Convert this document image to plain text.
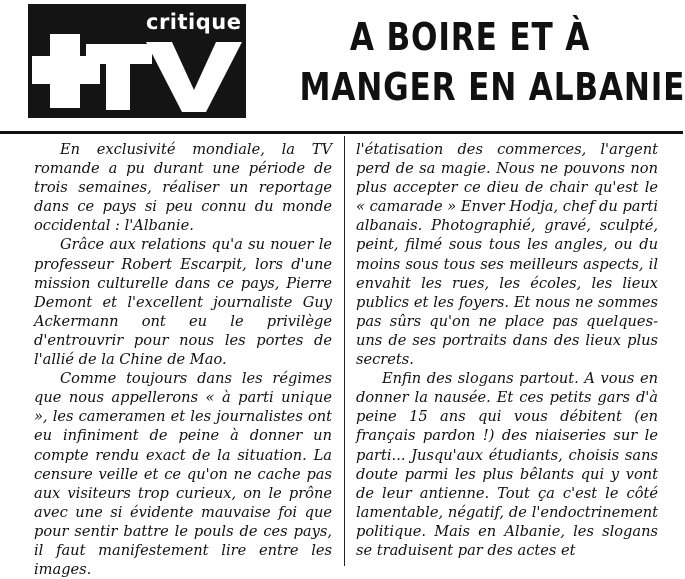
critique	A BOIRE ET À
MANGER EN ALBANIE

En exclusivité mondiale, la TV romande a pu durant une période de trois semaines, réaliser un reportage dans ce pays si peu connu du monde occidental : l'Albanie.

Grâce aux relations qu'a su nouer le professeur Robert Escarpit, lors d'une mission culturelle dans ce pays, Pierre Demont et l'excellent journaliste Guy Ackermann ont eu le privilège d'entrouvrir pour nous les portes de l'allié de la Chine de Mao.

Comme toujours dans les régimes que nous appellerons « à parti unique », les cameramen et les journalistes ont eu infiniment de peine à donner un compte rendu exact de la situation. La censure veille et ce qu'on ne cache pas aux visiteurs trop curieux, on le prône avec une si évidente mauvaise foi que pour sentir battre le pouls de ces pays, il faut manifestement lire entre les images.

l'étatisation des commerces, l'argent perd de sa magie. Nous ne pouvons non plus accepter ce dieu de chair qu'est le « camarade » Enver Hodja, chef du parti albanais. Photographié, gravé, sculpté, peint, filmé sous tous les angles, ou du moins sous tous ses meilleurs aspects, il envahit les rues, les écoles, les lieux publics et les foyers. Et nous ne sommes pas sûrs qu'on ne place pas quelques-uns de ses portraits dans des lieux plus secrets.

Enfin des slogans partout. A vous en donner la nausée. Et ces petits gars d'à peine 15 ans qui vous débitent (en français pardon !) des niaiseries sur le parti... Jusqu'aux étudiants, choisis sans doute parmi les plus bêlants qui y vont de leur antienne. Tout ça c'est le côté lamentable, négatif, de l'endoctrinement politique. Mais en Albanie, les slogans se traduisent par des actes et
